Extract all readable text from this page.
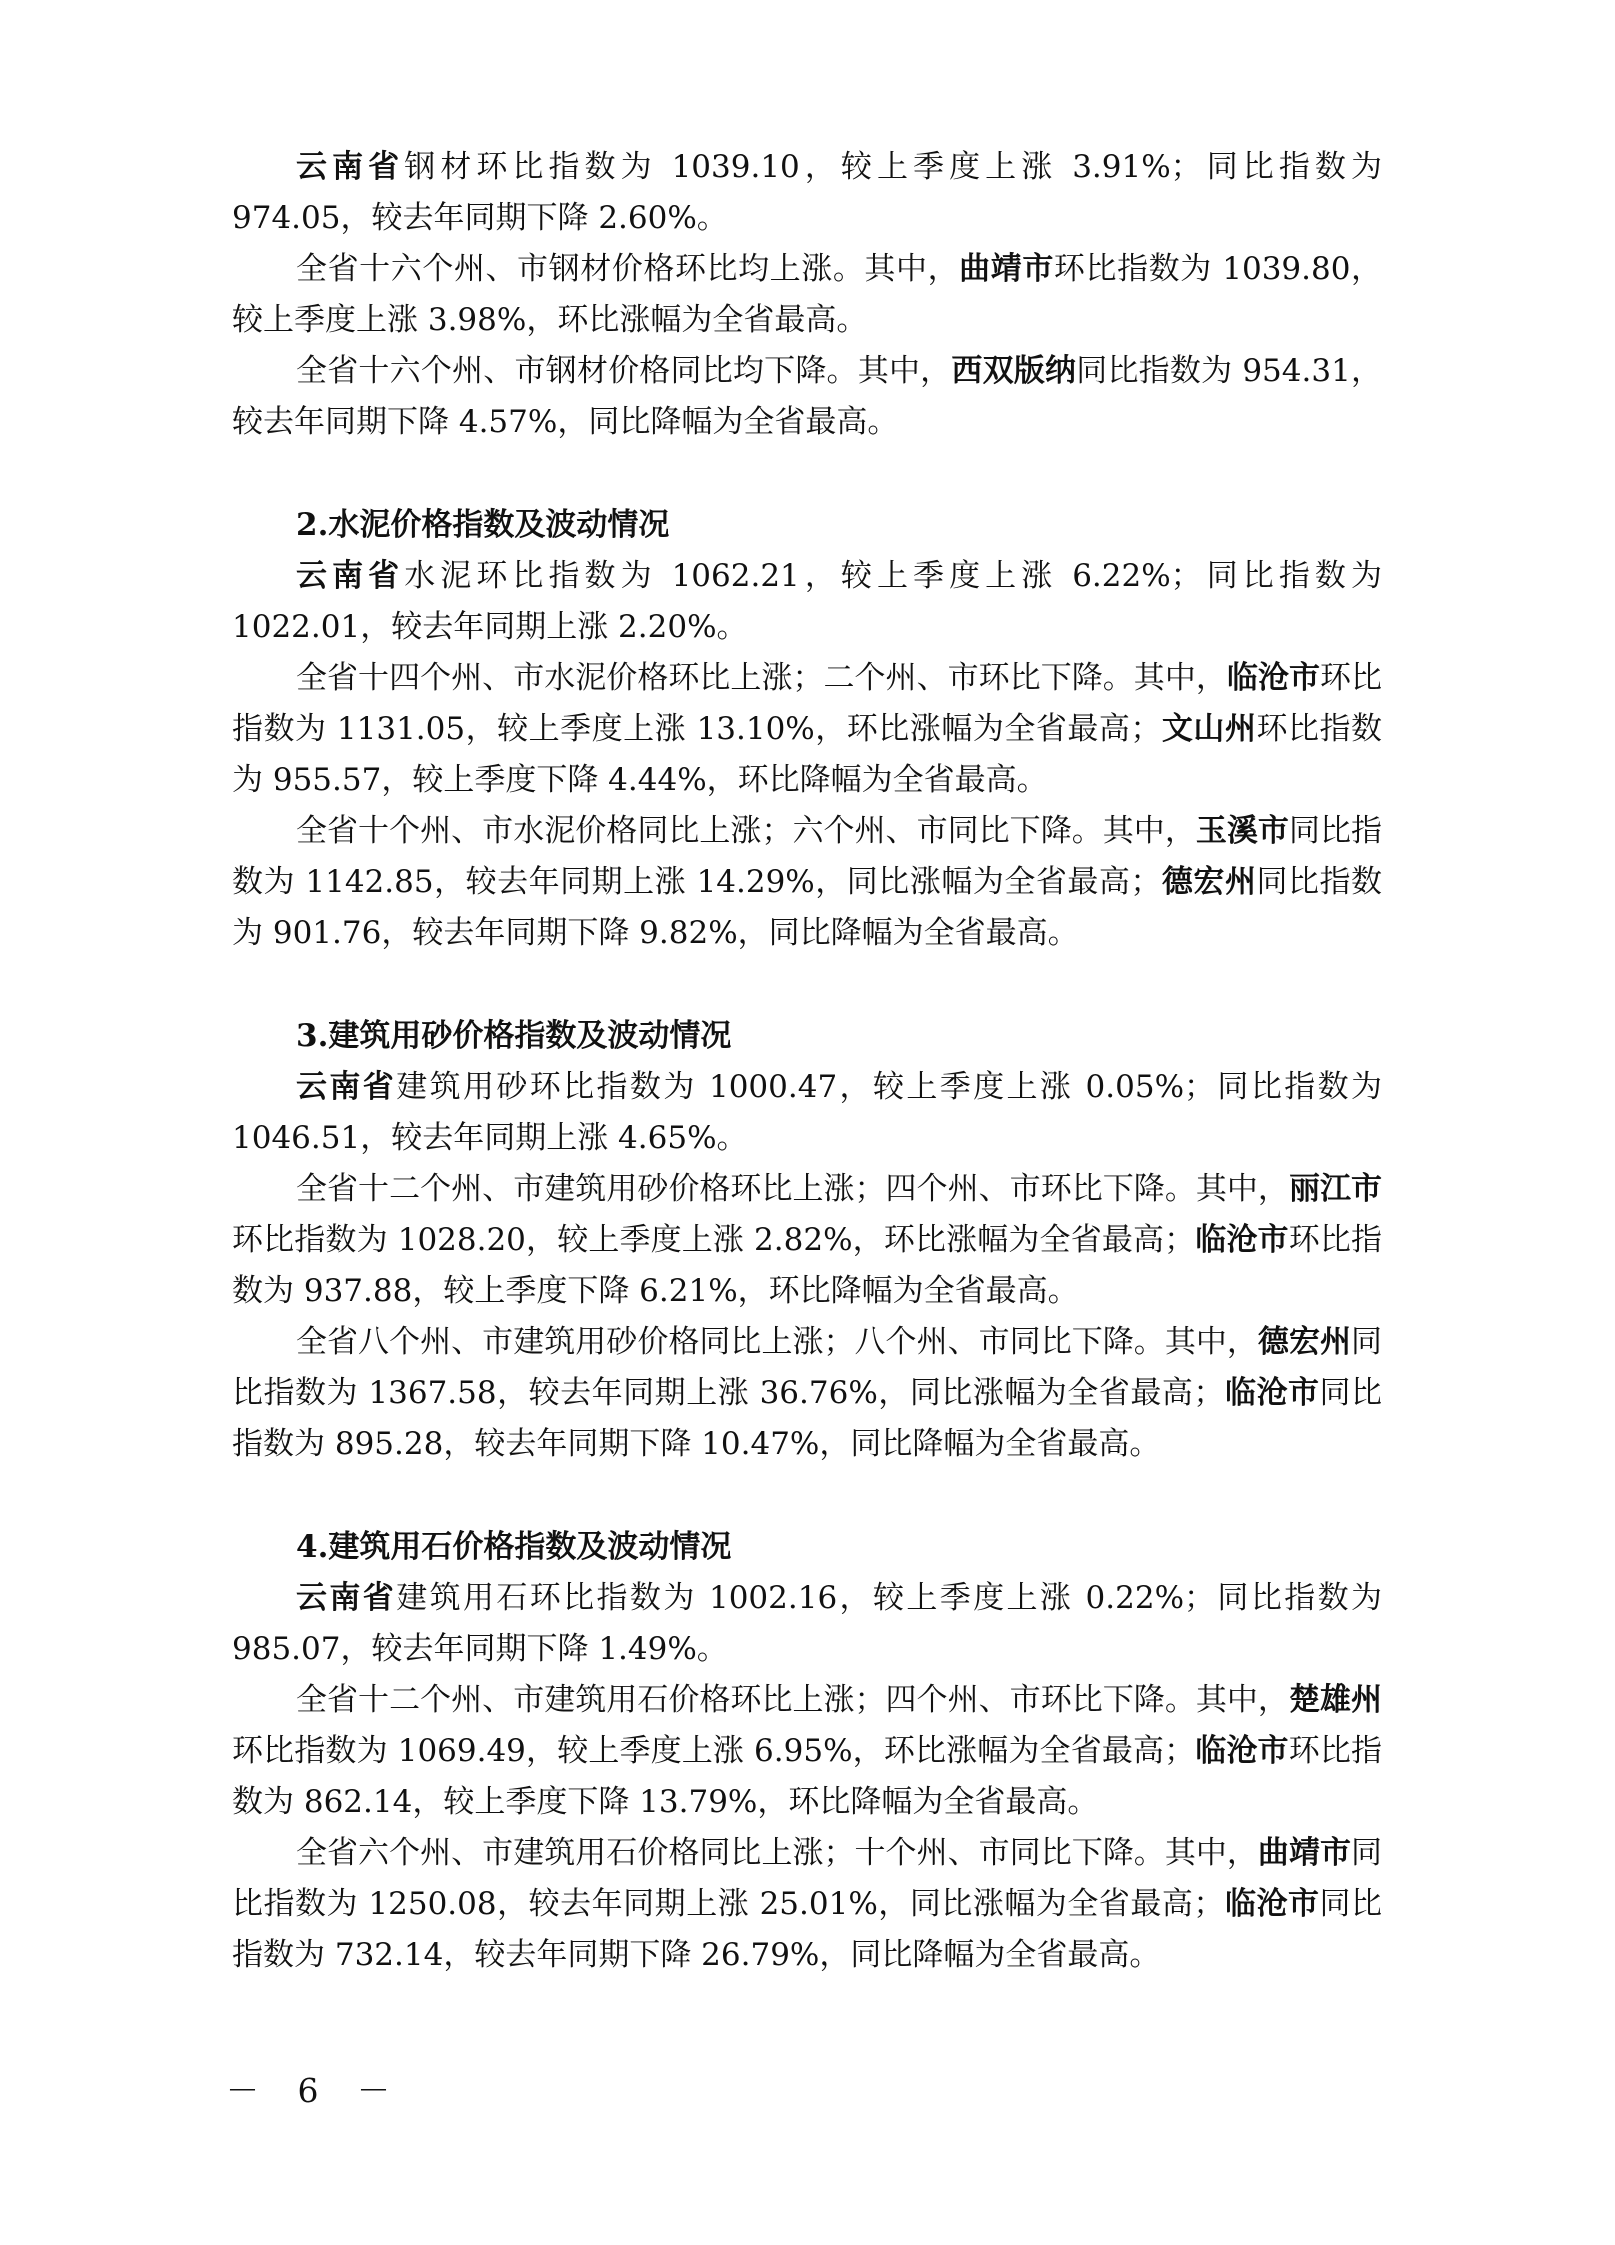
云南省钢材环比指数为 1039.10，较上季度上涨 3.91%；同比指数为 974.05，较去年同期下降 2.60%。

全省十六个州、市钢材价格环比均上涨。其中，曲靖市环比指数为 1039.80，较上季度上涨 3.98%，环比涨幅为全省最高。

全省十六个州、市钢材价格同比均下降。其中，西双版纳同比指数为 954.31，较去年同期下降 4.57%，同比降幅为全省最高。

2.水泥价格指数及波动情况

云南省水泥环比指数为 1062.21，较上季度上涨 6.22%；同比指数为 1022.01，较去年同期上涨 2.20%。

全省十四个州、市水泥价格环比上涨；二个州、市环比下降。其中，临沧市环比指数为 1131.05，较上季度上涨 13.10%，环比涨幅为全省最高；文山州环比指数为 955.57，较上季度下降 4.44%，环比降幅为全省最高。

全省十个州、市水泥价格同比上涨；六个州、市同比下降。其中，玉溪市同比指数为 1142.85，较去年同期上涨 14.29%，同比涨幅为全省最高；德宏州同比指数为 901.76，较去年同期下降 9.82%，同比降幅为全省最高。

3.建筑用砂价格指数及波动情况

云南省建筑用砂环比指数为 1000.47，较上季度上涨 0.05%；同比指数为 1046.51，较去年同期上涨 4.65%。

全省十二个州、市建筑用砂价格环比上涨；四个州、市环比下降。其中，丽江市环比指数为 1028.20，较上季度上涨 2.82%，环比涨幅为全省最高；临沧市环比指数为 937.88，较上季度下降 6.21%，环比降幅为全省最高。

全省八个州、市建筑用砂价格同比上涨；八个州、市同比下降。其中，德宏州同比指数为 1367.58，较去年同期上涨 36.76%，同比涨幅为全省最高；临沧市同比指数为 895.28，较去年同期下降 10.47%，同比降幅为全省最高。

4.建筑用石价格指数及波动情况

云南省建筑用石环比指数为 1002.16，较上季度上涨 0.22%；同比指数为 985.07，较去年同期下降 1.49%。

全省十二个州、市建筑用石价格环比上涨；四个州、市环比下降。其中，楚雄州环比指数为 1069.49，较上季度上涨 6.95%，环比涨幅为全省最高；临沧市环比指数为 862.14，较上季度下降 13.79%，环比降幅为全省最高。

全省六个州、市建筑用石价格同比上涨；十个州、市同比下降。其中，曲靖市同比指数为 1250.08，较去年同期上涨 25.01%，同比涨幅为全省最高；临沧市同比指数为 732.14，较去年同期下降 26.79%，同比降幅为全省最高。

－ 6 －
